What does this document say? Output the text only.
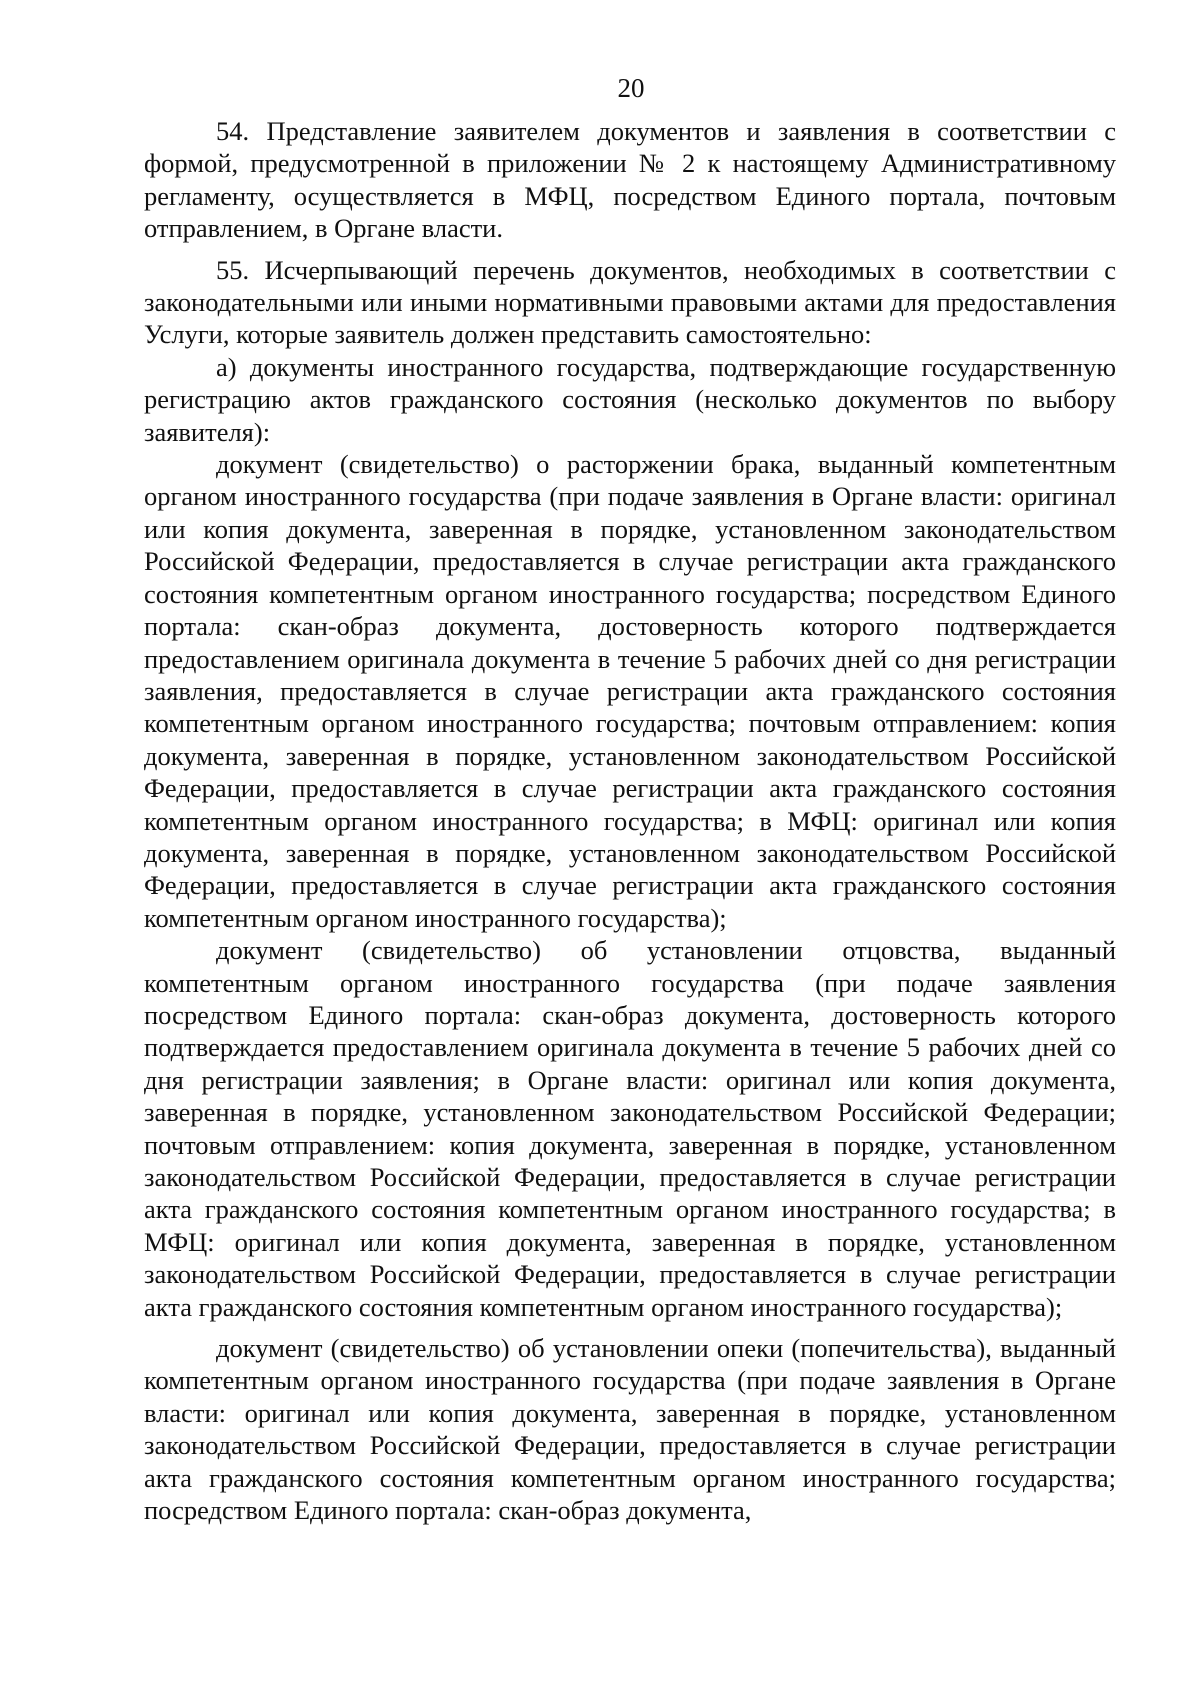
20

54. Представление заявителем документов и заявления в соответствии с формой, предусмотренной в приложении № 2 к настоящему Административному регламенту, осуществляется в МФЦ, посредством Единого портала, почтовым отправлением, в Органе власти.

55. Исчерпывающий перечень документов, необходимых в соответствии с законодательными или иными нормативными правовыми актами для предоставления Услуги, которые заявитель должен представить самостоятельно:

а) документы иностранного государства, подтверждающие государственную регистрацию актов гражданского состояния (несколько документов по выбору заявителя):

документ (свидетельство) о расторжении брака, выданный компетентным органом иностранного государства (при подаче заявления в Органе власти: оригинал или копия документа, заверенная в порядке, установленном законодательством Российской Федерации, предоставляется в случае регистрации акта гражданского состояния компетентным органом иностранного государства; посредством Единого портала: скан-образ документа, достоверность которого подтверждается предоставлением оригинала документа в течение 5 рабочих дней со дня регистрации заявления, предоставляется в случае регистрации акта гражданского состояния компетентным органом иностранного государства; почтовым отправлением: копия документа, заверенная в порядке, установленном законодательством Российской Федерации, предоставляется в случае регистрации акта гражданского состояния компетентным органом иностранного государства; в МФЦ: оригинал или копия документа, заверенная в порядке, установленном законодательством Российской Федерации, предоставляется в случае регистрации акта гражданского состояния компетентным органом иностранного государства);

документ (свидетельство) об установлении отцовства, выданный компетентным органом иностранного государства (при подаче заявления посредством Единого портала: скан-образ документа, достоверность которого подтверждается предоставлением оригинала документа в течение 5 рабочих дней со дня регистрации заявления; в Органе власти: оригинал или копия документа, заверенная в порядке, установленном законодательством Российской Федерации; почтовым отправлением: копия документа, заверенная в порядке, установленном законодательством Российской Федерации, предоставляется в случае регистрации акта гражданского состояния компетентным органом иностранного государства; в МФЦ: оригинал или копия документа, заверенная в порядке, установленном законодательством Российской Федерации, предоставляется в случае регистрации акта гражданского состояния компетентным органом иностранного государства);

документ (свидетельство) об установлении опеки (попечительства), выданный компетентным органом иностранного государства (при подаче заявления в Органе власти: оригинал или копия документа, заверенная в порядке, установленном законодательством Российской Федерации, предоставляется в случае регистрации акта гражданского состояния компетентным органом иностранного государства; посредством Единого портала: скан-образ документа,
